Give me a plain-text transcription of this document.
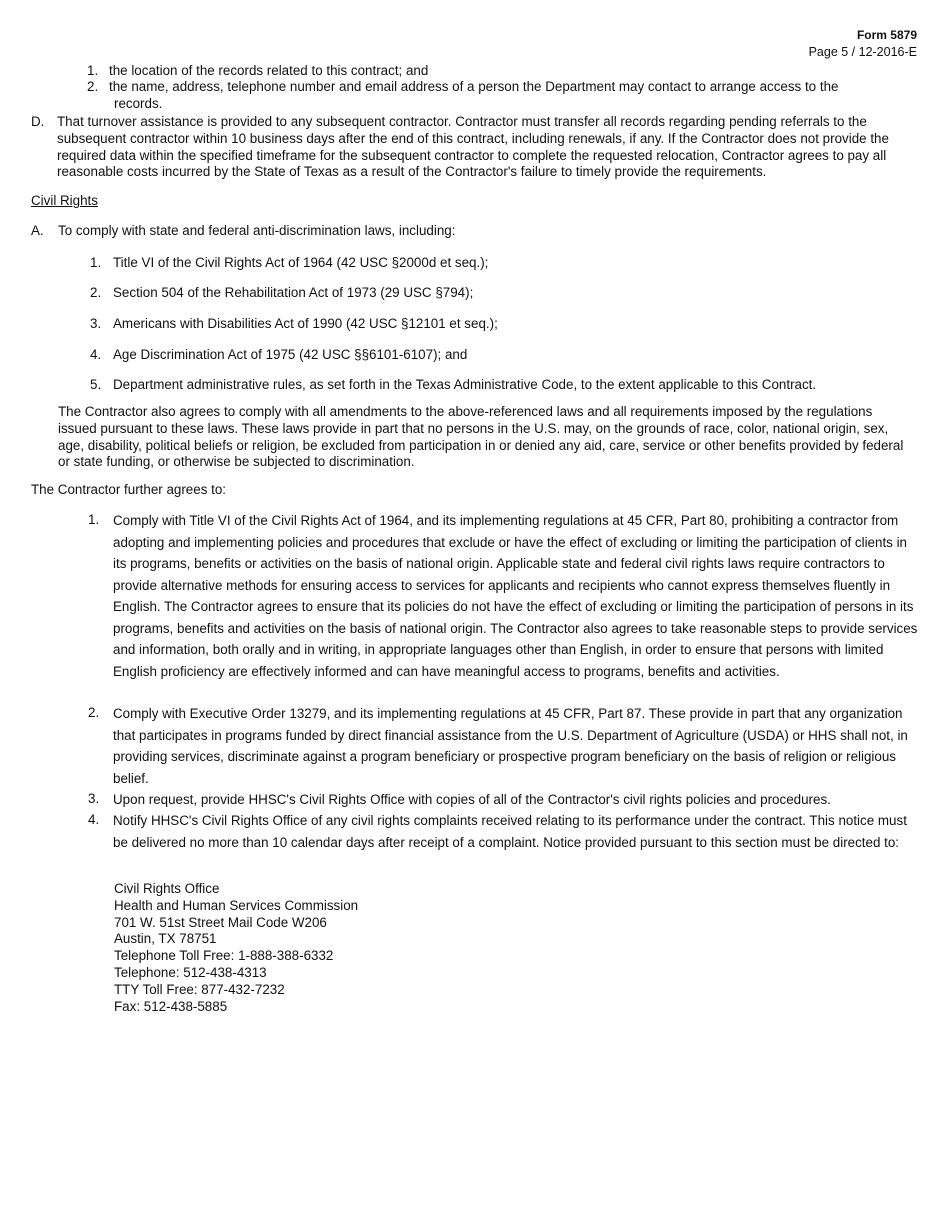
Form 5879
Page 5 / 12-2016-E
1. the location of the records related to this contract; and
2. the name, address, telephone number and email address of a person the Department may contact to arrange access to the
records.
D. That turnover assistance is provided to any subsequent contractor. Contractor must transfer all records regarding pending referrals to the subsequent contractor within 10 business days after the end of this contract, including renewals, if any. If the Contractor does not provide the required data within the specified timeframe for the subsequent contractor to complete the requested relocation, Contractor agrees to pay all reasonable costs incurred by the State of Texas as a result of the Contractor's failure to timely provide the requirements.
Civil Rights
A. To comply with state and federal anti-discrimination laws, including:
1. Title VI of the Civil Rights Act of 1964 (42 USC §2000d et seq.);
2. Section 504 of the Rehabilitation Act of 1973 (29 USC §794);
3. Americans with Disabilities Act of 1990 (42 USC §12101 et seq.);
4. Age Discrimination Act of 1975 (42 USC §§6101-6107); and
5. Department administrative rules, as set forth in the Texas Administrative Code, to the extent applicable to this Contract.
The Contractor also agrees to comply with all amendments to the above-referenced laws and all requirements imposed by the regulations issued pursuant to these laws. These laws provide in part that no persons in the U.S. may, on the grounds of race, color, national origin, sex, age, disability, political beliefs or religion, be excluded from participation in or denied any aid, care, service or other benefits provided by federal or state funding, or otherwise be subjected to discrimination.
The Contractor further agrees to:
1. Comply with Title VI of the Civil Rights Act of 1964, and its implementing regulations at 45 CFR, Part 80, prohibiting a contractor from adopting and implementing policies and procedures that exclude or have the effect of excluding or limiting the participation of clients in its programs, benefits or activities on the basis of national origin. Applicable state and federal civil rights laws require contractors to provide alternative methods for ensuring access to services for applicants and recipients who cannot express themselves fluently in English. The Contractor agrees to ensure that its policies do not have the effect of excluding or limiting the participation of persons in its programs, benefits and activities on the basis of national origin. The Contractor also agrees to take reasonable steps to provide services and information, both orally and in writing, in appropriate languages other than English, in order to ensure that persons with limited English proficiency are effectively informed and can have meaningful access to programs, benefits and activities.
2. Comply with Executive Order 13279, and its implementing regulations at 45 CFR, Part 87. These provide in part that any organization that participates in programs funded by direct financial assistance from the U.S. Department of Agriculture (USDA) or HHS shall not, in providing services, discriminate against a program beneficiary or prospective program beneficiary on the basis of religion or religious belief.
3. Upon request, provide HHSC's Civil Rights Office with copies of all of the Contractor's civil rights policies and procedures.
4. Notify HHSC's Civil Rights Office of any civil rights complaints received relating to its performance under the contract. This notice must be delivered no more than 10 calendar days after receipt of a complaint. Notice provided pursuant to this section must be directed to:
Civil Rights Office
Health and Human Services Commission
701 W. 51st Street Mail Code W206
Austin, TX 78751
Telephone Toll Free: 1-888-388-6332
Telephone: 512-438-4313
TTY Toll Free: 877-432-7232
Fax: 512-438-5885
